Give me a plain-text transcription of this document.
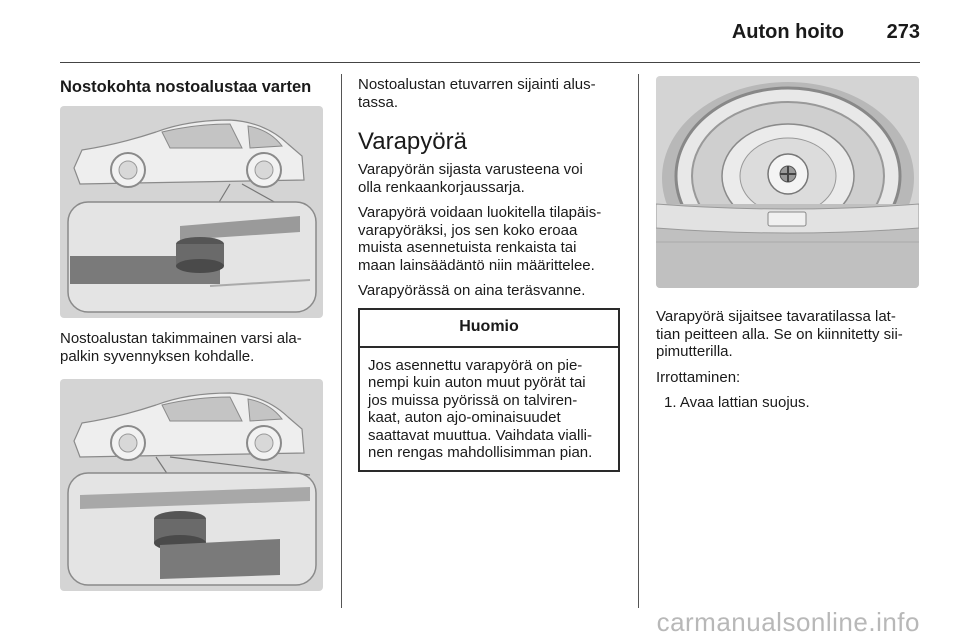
Auton hoito 273
Nostokohta nostoalustaa varten

Nostoalustan takimmainen varsi ala-
palkin syvennyksen kohdalle.

Nostoalustan etuvarren sijainti alus-
tassa.

Varapyörä

Varapyörän sijasta varusteena voi
olla renkaankorjaussarja.

Varapyörä voidaan luokitella tilapäis-
varapyöräksi, jos sen koko eroaa
muista asennetuista renkaista tai
maan lainsäädäntö niin määrittelee.

Varapyörässä on aina teräsvanne.

Huomio
Jos asennettu varapyörä on pie-
nempi kuin auton muut pyörät tai
jos muissa pyörissä on talviren-
kaat, auton ajo-ominaisuudet
saattavat muuttua. Vaihdata vialli-
nen rengas mahdollisimman pian.

Varapyörä sijaitsee tavaratilassa lat-
tian peitteen alla. Se on kiinnitetty sii-
pimutterilla.

Irrottaminen:

1. Avaa lattian suojus.
carmanualsonline.info
